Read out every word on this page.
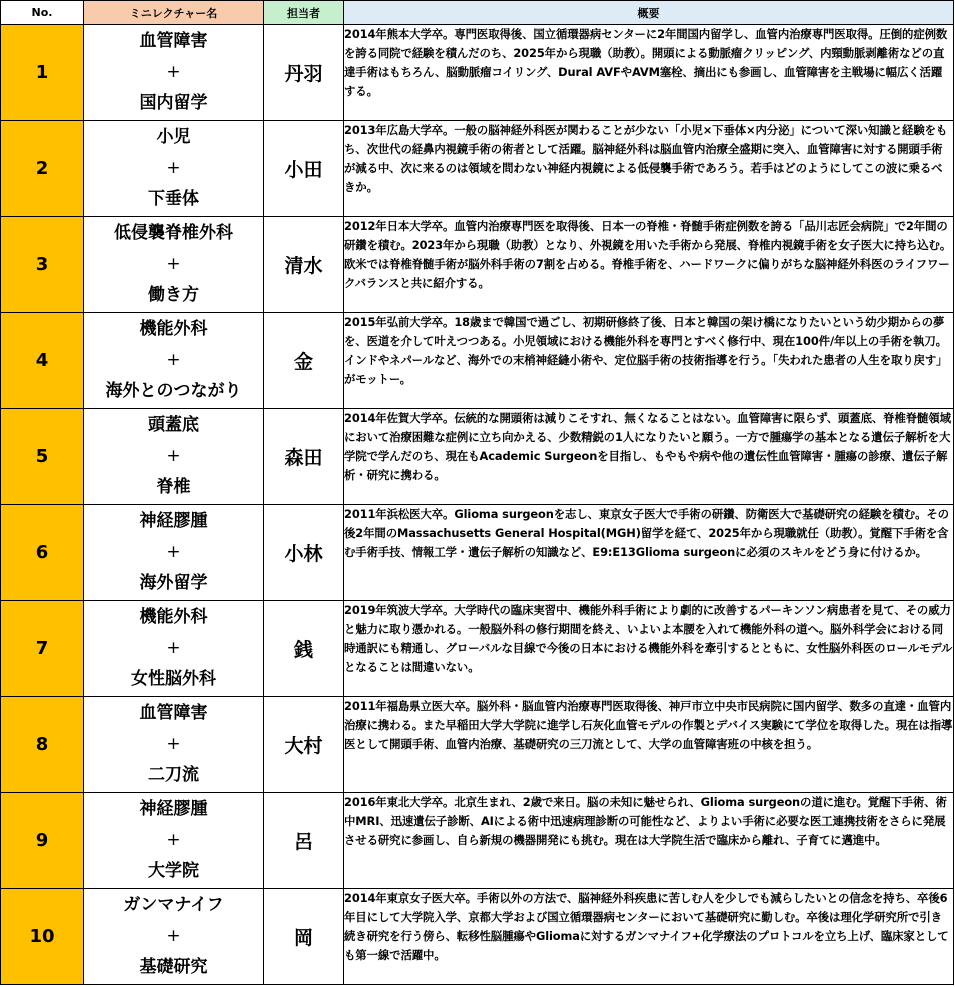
No.	ミニレクチャー名	担当者	概要
1	血管障害
+
国内留学	丹羽	2014年熊本大学卒。専門医取得後、国立循環器病センターに2年間国内留学し、血管内治療専門医取得。圧倒的症例数を誇る同院で経験を積んだのち、2025年から現職（助教）。開頭による動脈瘤クリッピング、内頸動脈剥離術などの直達手術はもちろん、脳動脈瘤コイリング、Dural AVFやAVM塞栓、摘出にも参画し、血管障害を主戦場に幅広く活躍する。

2	小児
+
下垂体	小田	2013年広島大学卒。一般の脳神経外科医が関わることが少ない「小児×下垂体×内分泌」について深い知識と経験をもち、次世代の経鼻内視鏡手術の術者として活躍。脳神経外科は脳血管内治療全盛期に突入、血管障害に対する開頭手術が減る中、次に来るのは領域を問わない神経内視鏡による低侵襲手術であろう。若手はどのようにしてこの波に乗るべきか。

3	低侵襲脊椎外科
+
働き方	清水	2012年日本大学卒。血管内治療専門医を取得後、日本一の脊椎・脊髄手術症例数を誇る「品川志匠会病院」で2年間の研鑽を積む。2023年から現職（助教）となり、外視鏡を用いた手術から発展、脊椎内視鏡手術を女子医大に持ち込む。欧米では脊椎脊髄手術が脳外科手術の7割を占める。脊椎手術を、ハードワークに偏りがちな脳神経外科医のライフワークバランスと共に紹介する。

4	機能外科
+
海外とのつながり	金	2015年弘前大学卒。18歳まで韓国で過ごし、初期研修終了後、日本と韓国の架け橋になりたいという幼少期からの夢を、医道を介して叶えつつある。小児領域における機能外科を専門とすべく修行中、現在100件/年以上の手術を執刀。インドやネパールなど、海外での末梢神経縫小術や、定位脳手術の技術指導を行う。「失われた患者の人生を取り戻す」がモットー。

5	頭蓋底
+
脊椎	森田	2014年佐賀大学卒。伝統的な開頭術は減りこそすれ、無くなることはない。血管障害に限らず、頭蓋底、脊椎脊髄領域において治療困難な症例に立ち向かえる、少数精鋭の1人になりたいと願う。一方で腫瘍学の基本となる遺伝子解析を大学院で学んだのち、現在もAcademic Surgeonを目指し、もやもや病や他の遺伝性血管障害・腫瘍の診療、遺伝子解析・研究に携わる。

6	神経膠腫
+
海外留学	小林	2011年浜松医大卒。Glioma surgeonを志し、東京女子医大で手術の研鑽、防衛医大で基礎研究の経験を積む。その後2年間のMassachusetts General Hospital(MGH)留学を経て、2025年から現職就任（助教）。覚醒下手術を含む手術手技、情報工学・遺伝子解析の知識など、E9:E13Glioma surgeonに必須のスキルをどう身に付けるか。

7	機能外科
+
女性脳外科	銭	2019年筑波大学卒。大学時代の臨床実習中、機能外科手術により劇的に改善するパーキンソン病患者を見て、その威力と魅力に取り憑かれる。一般脳外科の修行期間を終え、いよいよ本腰を入れて機能外科の道へ。脳外科学会における同時通訳にも精通し、グローバルな目線で今後の日本における機能外科を牽引するとともに、女性脳外科医のロールモデルとなることは間違いない。

8	血管障害
+
二刀流	大村	2011年福島県立医大卒。脳外科・脳血管内治療専門医取得後、神戸市立中央市民病院に国内留学、数多の直達・血管内治療に携わる。また早稲田大学大学院に進学し石灰化血管モデルの作製とデバイス実験にて学位を取得した。現在は指導医として開頭手術、血管内治療、基礎研究の三刀流として、大学の血管障害班の中核を担う。

9	神経膠腫
+
大学院	呂	2016年東北大学卒。北京生まれ、2歳で来日。脳の未知に魅せられ、Glioma surgeonの道に進む。覚醒下手術、術中MRI、迅速遺伝子診断、AIによる術中迅速病理診断の可能性など、よりよい手術に必要な医工連携技術をさらに発展させる研究に参画し、自ら新規の機器開発にも挑む。現在は大学院生活で臨床から離れ、子育てに邁進中。

10	ガンマナイフ
+
基礎研究	岡	2014年東京女子医大卒。手術以外の方法で、脳神経外科疾患に苦しむ人を少しでも減らしたいとの信念を持ち、卒後6年目にして大学院入学、京都大学および国立循環器病センターにおいて基礎研究に勤しむ。卒後は理化学研究所で引き続き研究を行う傍ら、転移性脳腫瘍やGliomaに対するガンマナイフ+化学療法のプロトコルを立ち上げ、臨床家としても第一線で活躍中。
